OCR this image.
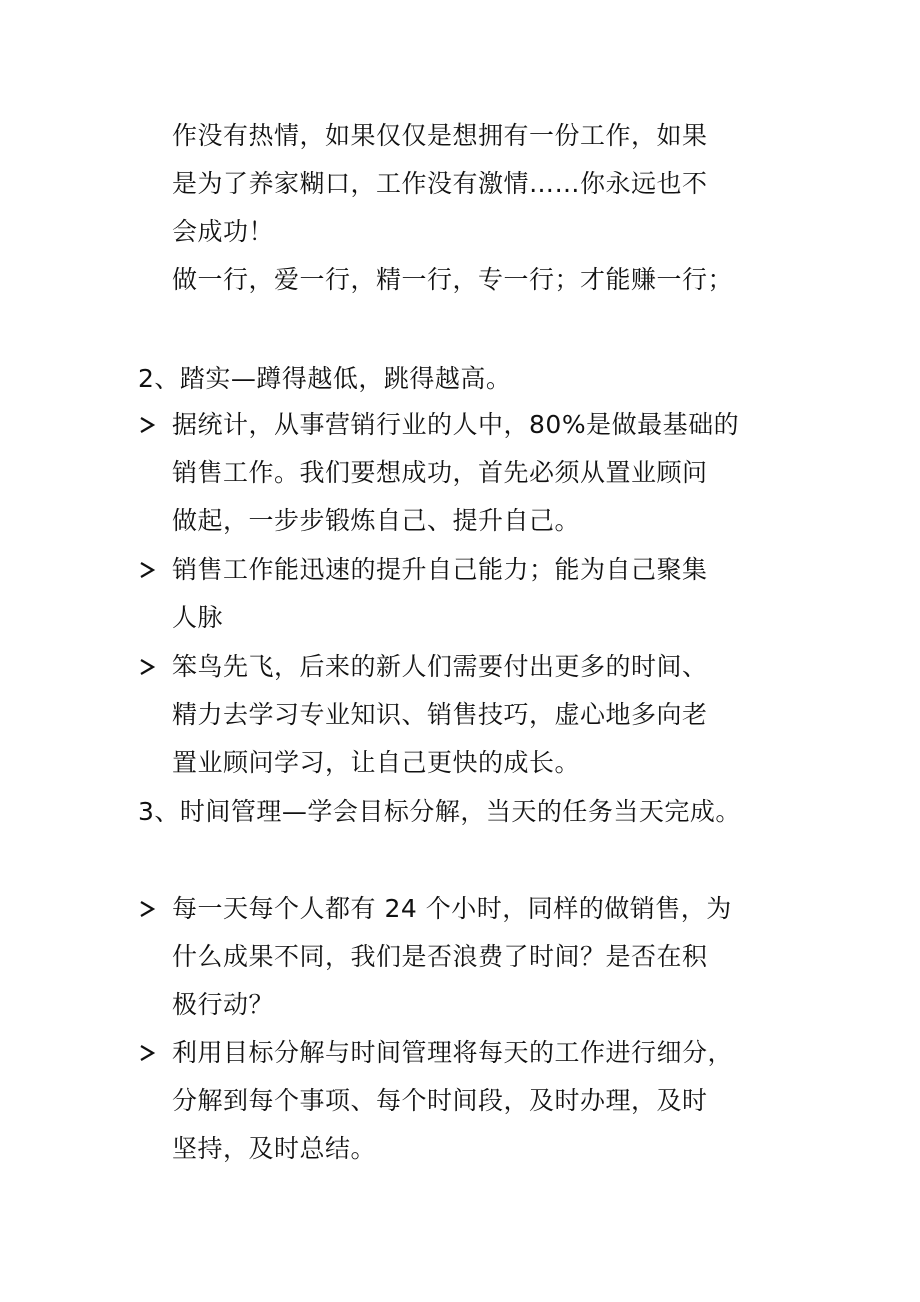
作没有热情，如果仅仅是想拥有一份工作，如果
是为了养家糊口，工作没有激情……你永远也不
会成功！
做一行，爱一行，精一行，专一行；才能赚一行；
2、踏实—蹲得越低，跳得越高。
据统计，从事营销行业的人中，80%是做最基础的
销售工作。我们要想成功，首先必须从置业顾问
做起，一步步锻炼自己、提升自己。
销售工作能迅速的提升自己能力；能为自己聚集
人脉
笨鸟先飞，后来的新人们需要付出更多的时间、
精力去学习专业知识、销售技巧，虚心地多向老
置业顾问学习，让自己更快的成长。
3、时间管理—学会目标分解，当天的任务当天完成。
每一天每个人都有 24 个小时，同样的做销售，为
什么成果不同，我们是否浪费了时间？是否在积
极行动？
利用目标分解与时间管理将每天的工作进行细分，
分解到每个事项、每个时间段，及时办理，及时
坚持，及时总结。
